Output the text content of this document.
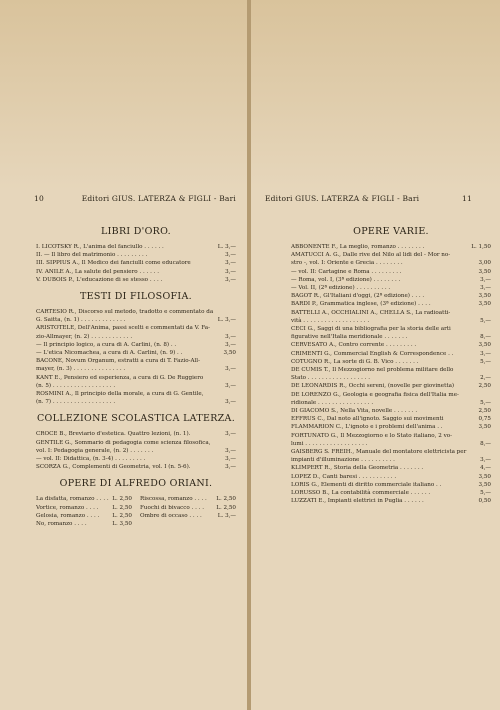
10	Editori GIUS. LATERZA & FIGLI - Bari
LIBRI D'ORO.
I. LICOTSKY R., L'anima del fanciullo . . . . . .	L. 3,—
II. — Il libro del matrimonio . . . . . . . . .	3,—
III. SIPPIUS A., Il Medico dei fanciulli come educatore	3,—
IV. ANILE A., La salute del pensiero . . . . . .	3,—
V. DUBOIS P., L'educazione di se stesso . . . .	3,—
TESTI DI FILOSOFIA.
CARTESIO R., Discorso sul metodo, tradotto e commentato da
G. Saitta, (n. 1) . . . . . . . . . . . . .	L. 3,—
ARISTOTELE, Dell'Anima, passi scelti e commentati da V. Fa-
zio-Allmayer, (n. 2) . . . . . . . . . . . .	3,—
— Il principio logico, a cura di A. Carlini, (n. 8) . .	3,—
— L'etica Nicomachea, a cura di A. Carlini, (n. 9) . .	3,50
BACONE, Novum Organum, estratti a cura di T. Fazio-All-
mayer, (n. 3) . . . . . . . . . . . . . . .	3,—
KANT E., Pensiero ed esperienza, a cura di G. De Ruggiero
(n. 5) . . . . . . . . . . . . . . . . . .	3,—
ROSMINI A., Il principio della morale, a cura di G. Gentile,
(n. 7) . . . . . . . . . . . . . . . . . .	3,—
COLLEZIONE SCOLASTICA LATERZA.
CROCE B., Breviario d'estetica. Quattro lezioni, (n. 1).	3,—
GENTILE G., Sommario di pedagogia come scienza filosofica,
vol. I: Pedagogia generale, (n. 2) . . . . . . .	3,—
— vol. II: Didattica, (n. 3-4) . . . . . . . . .	3,—
SCORZA G., Complementi di Geometria, vol. I (n. 5-6).	3,—
OPERE DI ALFREDO ORIANI.
La disfatta, romanzo . . . . L. 2,50 Riscossa, romanzo . . . .	L. 2,50
Vortice, romanzo . . . .	L. 2,50 Fuochi di bivacco . . . .	L. 2,50
Gelosia, romanzo . . . .	L. 2,50 Ombre di occaso . . . .	L. 3,—
No, romanzo . . . .	L. 3,50
Editori GIUS. LATERZA & FIGLI - Bari	11
OPERE VARIE.
ABBONENTE F., La meglio, romanzo . . . . . . . .	L. 1,50
AMATUCCI A. G., Dalle rive del Nilo al lidi del - Mor no-
stro -, vol. I: Oriente e Grecia . . . . . . . .	3,00
— vol. II: Cartagine e Roma . . . . . . . . .	3,50
— Roma, vol. I, (3ª edizione) . . . . . . . .	3,—
— Vol. II, (2ª edizione) . . . . . . . . . .	3,—
BAGOT R., Gl'Italiani d'oggi, (2ª edizione) . . . .	3,50
BARDI P., Grammatica inglese, (3ª edizione) . . . .	3,50
BATTELLI A., OCCHIALINI A., CHELLA S., La radioatti-
vità . . . . . . . . . . . . . . . . . . .	5,—
CECI G., Saggi di una bibliografia per la storia delle arti
figurative nell'Italia meridionale . . . . . . .	8,—
CERVESATO A., Contro corrente . . . . . . . . .	3,50
CRIMENTI G., Commercial English & Correspondence . .	3,—
COTUGNO R., La sorte di G. B. Vico . . . . . . .	5,—
DE CUMIS T., Il Mezzogiorno nel problema militare dello
Stato . . . . . . . . . . . . . . . . . .	2,—
DE LEONARDIS R., Occhi sereni, (novelle per giovinetta)	2,50
DE LORENZO G., Geologia e geografia fisica dell'Italia me-
ridionale . . . . . . . . . . . . . . . .	5,—
DI GIACOMO S., Nella Vita, novelle . . . . . . .	2,50
EFFRUS C., Dal noto all'ignoto. Saggio sui movimenti	0,75
FLAMMARION C., L'ignoto e i problemi dell'anima . .	3,50
FORTUNATO G., Il Mezzogiorno e lo Stato italiano, 2 vo-
lumi . . . . . . . . . . . . . . . . . .	8,—
GAISBERG S. FREIH., Manuale del montatore elettricista per
impianti d'illuminazione . . . . . . . . . .	3,—
KLIMPERT R., Storia della Geometria . . . . . . .	4,—
LOPEZ D., Canti baresi . . . . . . . . . . .	3,50
LORIS G., Elementi di diritto commerciale italiano . .	3,50
LORUSSO B., La contabilità commerciale . . . . . .	5,—
LUZZATI E., Impianti elettrici in Puglia . . . . . .	0,50
